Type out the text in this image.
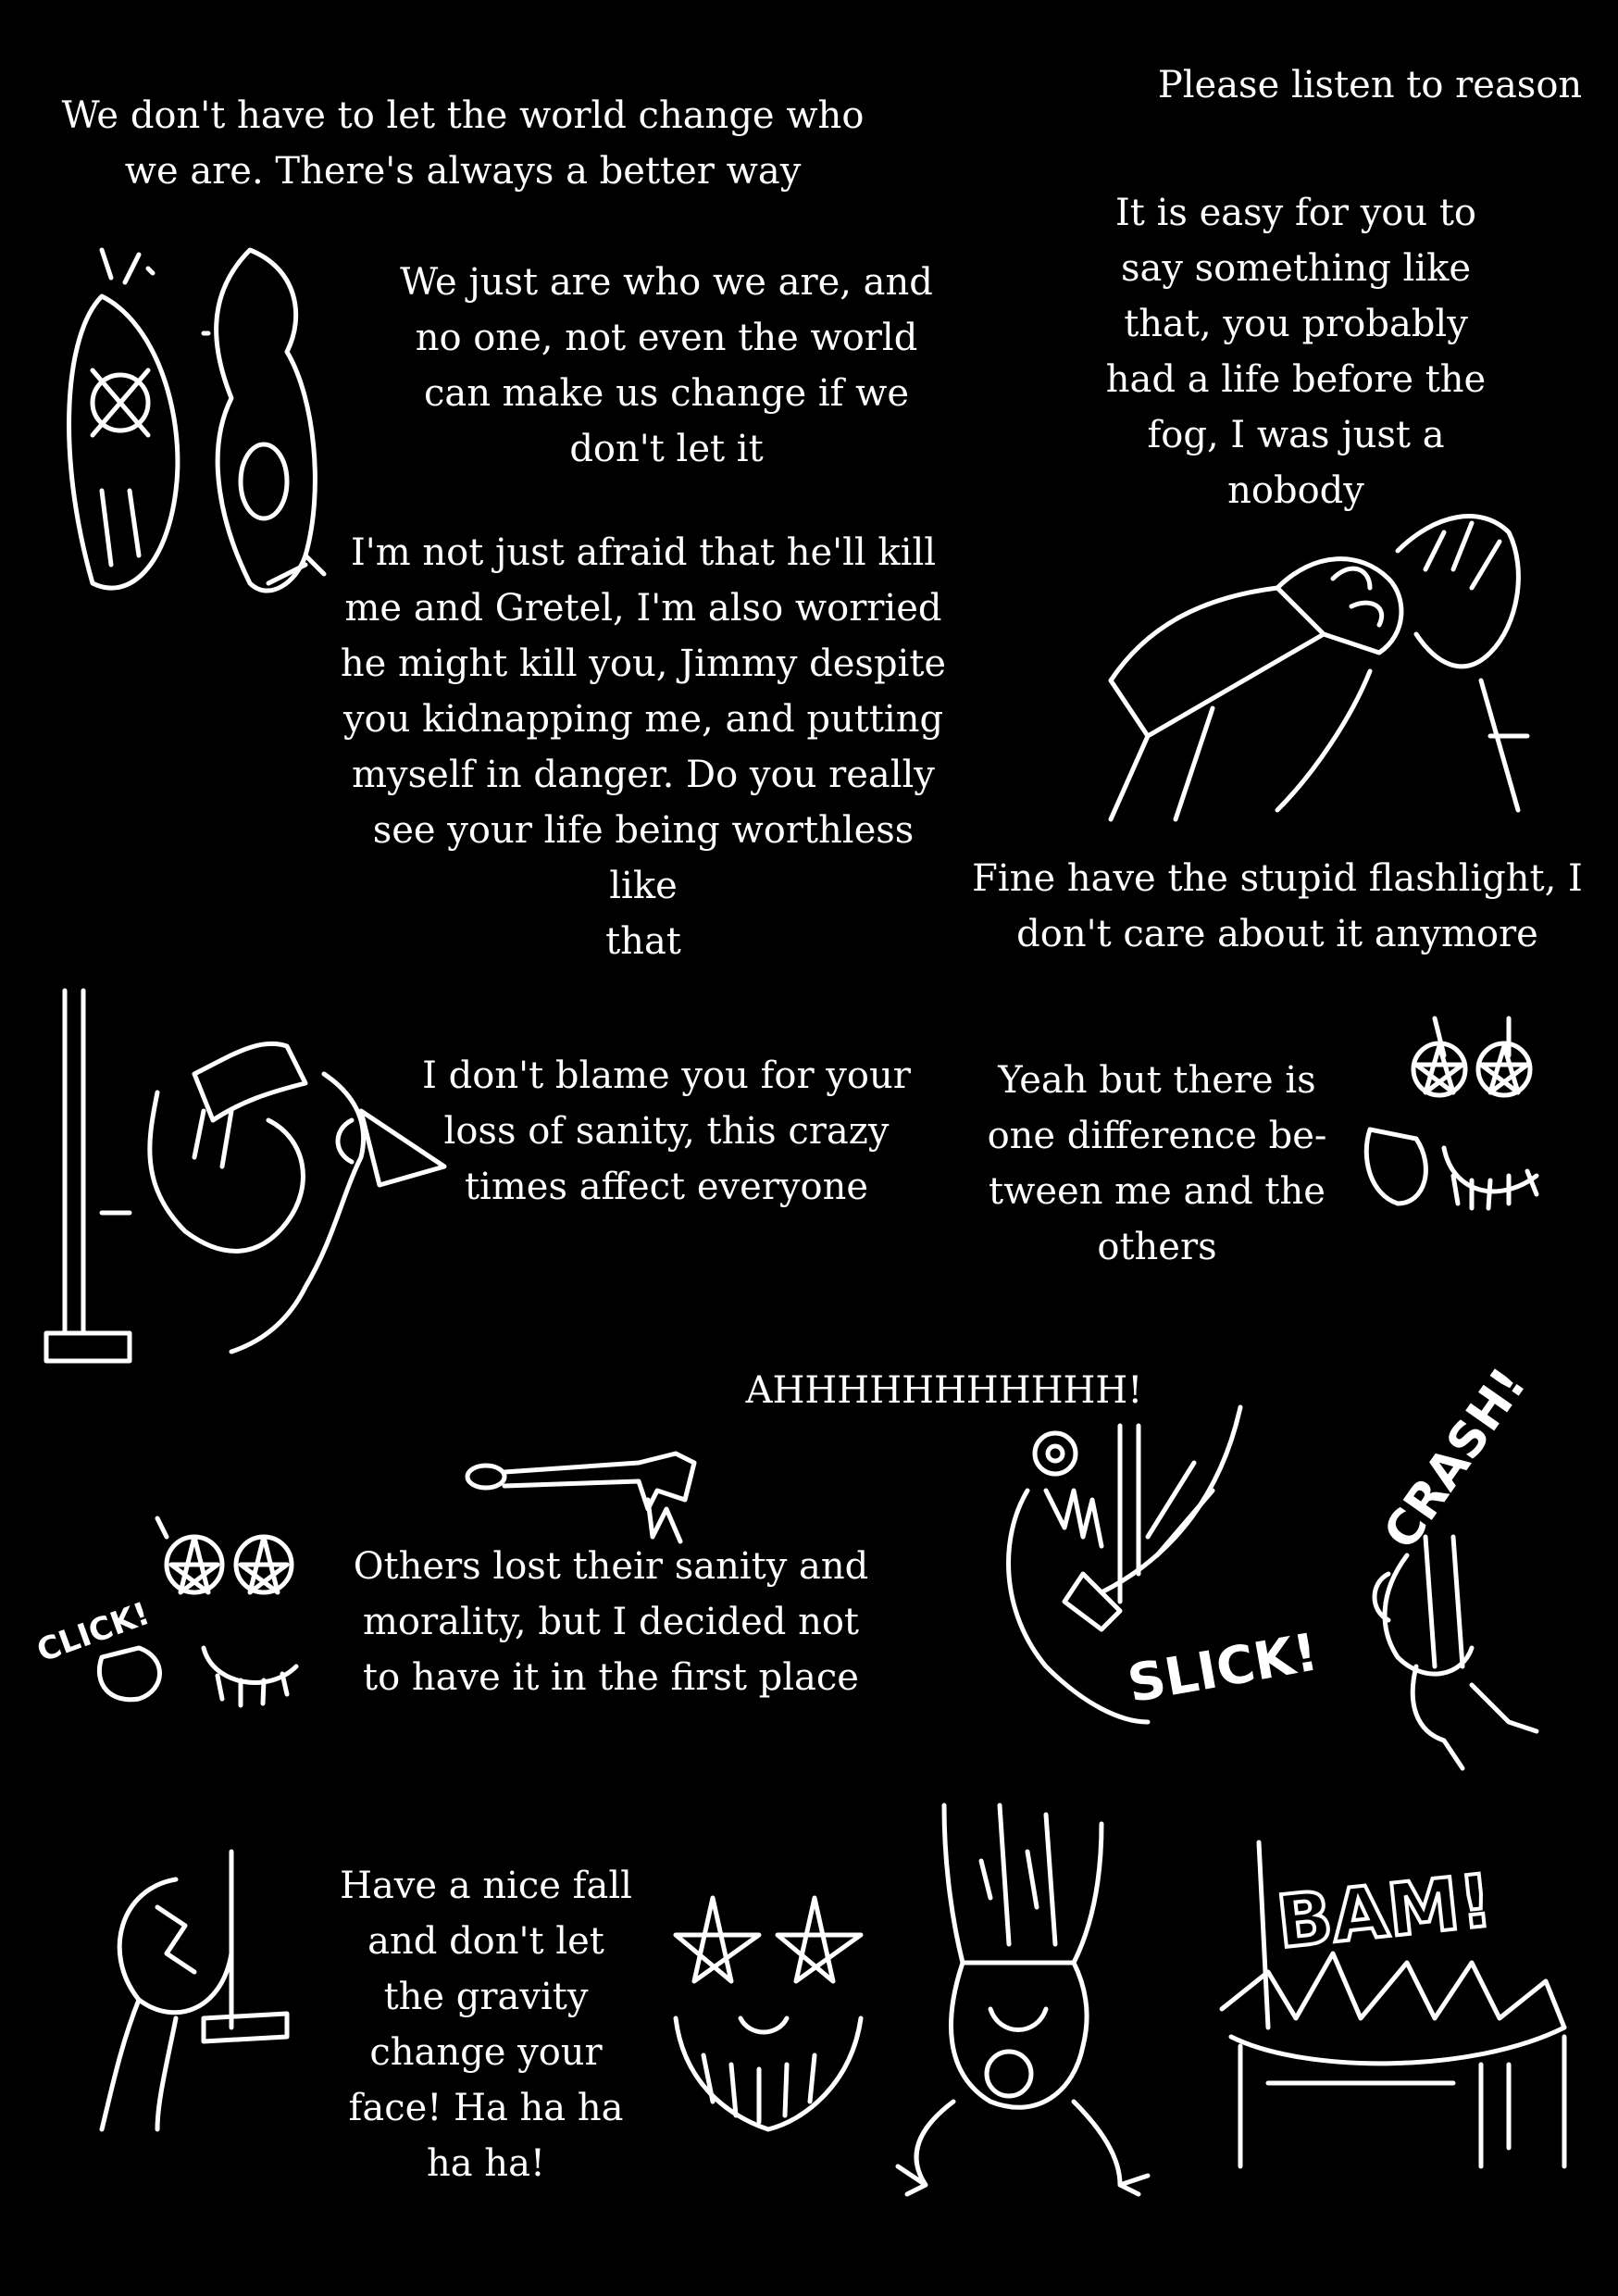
Please listen to reason
We don't have to let the world change who
we are. There's always a better way
It is easy for you to
say something like
that, you probably
had a life before the
fog, I was just a
nobody
We just are who we are, and
no one, not even the world
can make us change if we
don't let it
I'm not just afraid that he'll kill
me and Gretel, I'm also worried
he might kill you, Jimmy despite
you kidnapping me, and putting
myself in danger. Do you really
see your life being worthless like
that
Fine have the stupid flashlight, I
don't care about it anymore
I don't blame you for your
loss of sanity, this crazy
times affect everyone
Yeah but there is
one difference be-
tween me and the
others
AHHHHHHHHHHH!
Others lost their sanity and
morality, but I decided not
to have it in the first place
Have a nice fall
and don't let
the gravity
change your
face! Ha ha ha
ha ha!
CLICK!	SLICK!
CRASH!
BAM!
